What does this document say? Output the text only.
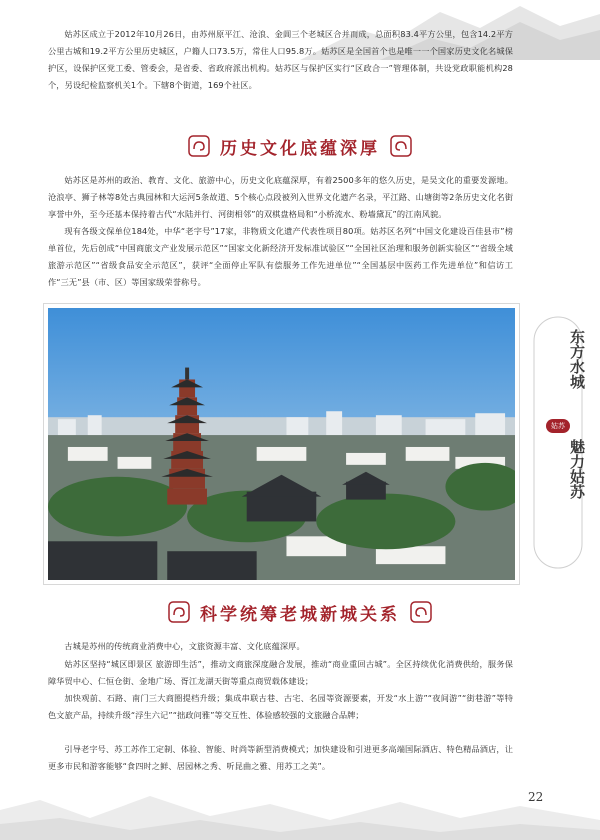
姑苏区成立于2012年10月26日，由苏州原平江、沧浪、金阊三个老城区合并而成，总面积83.4平方公里，包含14.2平方公里古城和19.2平方公里历史城区，户籍人口73.5万，常住人口95.8万。姑苏区是全国首个也是唯一一个国家历史文化名城保护区，设保护区党工委、管委会，是省委、省政府派出机构。姑苏区与保护区实行“区政合一”管理体制，共设党政职能机构28个，另设纪检监察机关1个。下辖8个街道，169个社区。

历史文化底蕴深厚

姑苏区是苏州的政治、教育、文化、旅游中心，历史文化底蕴深厚，有着2500多年的悠久历史，是吴文化的重要发源地。沧浪亭、狮子林等8处古典园林和大运河5条故道、5个核心点段被列入世界文化遗产名录，平江路、山塘街等2条历史文化名街享誉中外，至今还基本保持着古代“水陆并行、河街相邻”的双棋盘格局和“小桥流水、粉墙黛瓦”的江南风貌。

现有各级文保单位184处，中华“老字号”17家，非物质文化遗产代表性项目80项。姑苏区名列“中国文化建设百佳县市”榜单首位，先后创成“中国商旅文产业发展示范区”“国家文化新经济开发标准试验区”“全国社区治理和服务创新实验区”“省级全域旅游示范区”“省级食品安全示范区”，获评“全面停止军队有偿服务工作先进单位”“全国基层中医药工作先进单位”和信访工作“三无”县（市、区）等国家级荣誉称号。

东方水城
姑苏
魅力姑苏
科学统筹老城新城关系

古城是苏州的传统商业消费中心，文旅资源丰富、文化底蕴深厚。

姑苏区坚持“城区即景区 旅游即生活”，推动文商旅深度融合发展，推动“商业重回古城”。全区持续优化消费供给，服务保障华贸中心、仁恒仓街、金地广场、胥江龙湖天街等重点商贸载体建设；

加快观前、石路、南门三大商圈提档升级；集成串联古巷、古宅、名园等资源要素，开发“水上游”“夜间游”“街巷游”等特色文旅产品，持续升级“浮生六记”“拙政问雅”等交互性、体验感较强的文旅融合品牌；

引导老字号、苏工苏作工定制、体验、智能、时尚等新型消费模式；加快建设和引进更多高端国际酒店、特色精品酒店，让更多市民和游客能够“食四时之鲜、居园林之秀、听昆曲之雅、用苏工之美”。

22
